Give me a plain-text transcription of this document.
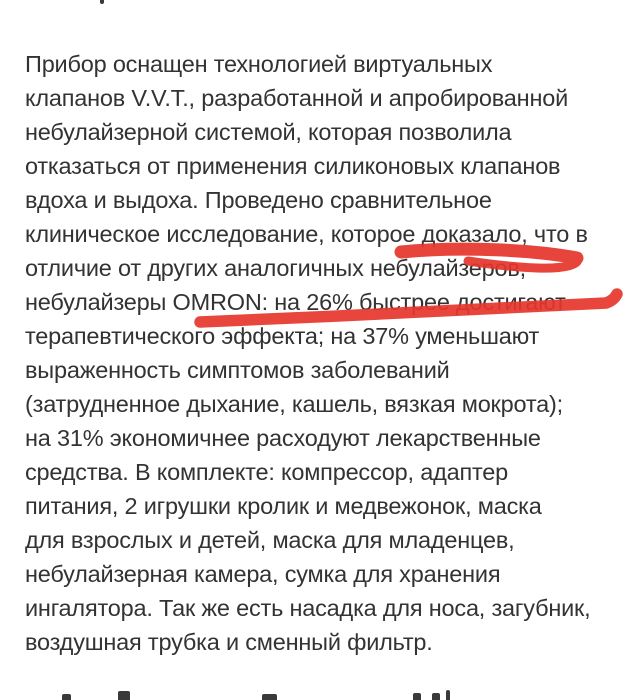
Прибор оснащен технологией виртуальных
клапанов V.V.T., разработанной и апробированной
небулайзерной системой, которая позволила
отказаться от применения силиконовых клапанов
вдоха и выдоха. Проведено сравнительное
клиническое исследование, которое доказало, что в
отличие от других аналогичных небулайзеров,
небулайзеры OMRON: на 26% быстрее достигают
терапевтического эффекта; на 37% уменьшают
выраженность симптомов заболеваний
(затрудненное дыхание, кашель, вязкая мокрота);
на 31% экономичнее расходуют лекарственные
средства. В комплекте: компрессор, адаптер
питания, 2 игрушки кролик и медвежонок, маска
для взрослых и детей, маска для младенцев,
небулайзерная камера, сумка для хранения
ингалятора. Так же есть насадка для носа, загубник,
воздушная трубка и сменный фильтр.
